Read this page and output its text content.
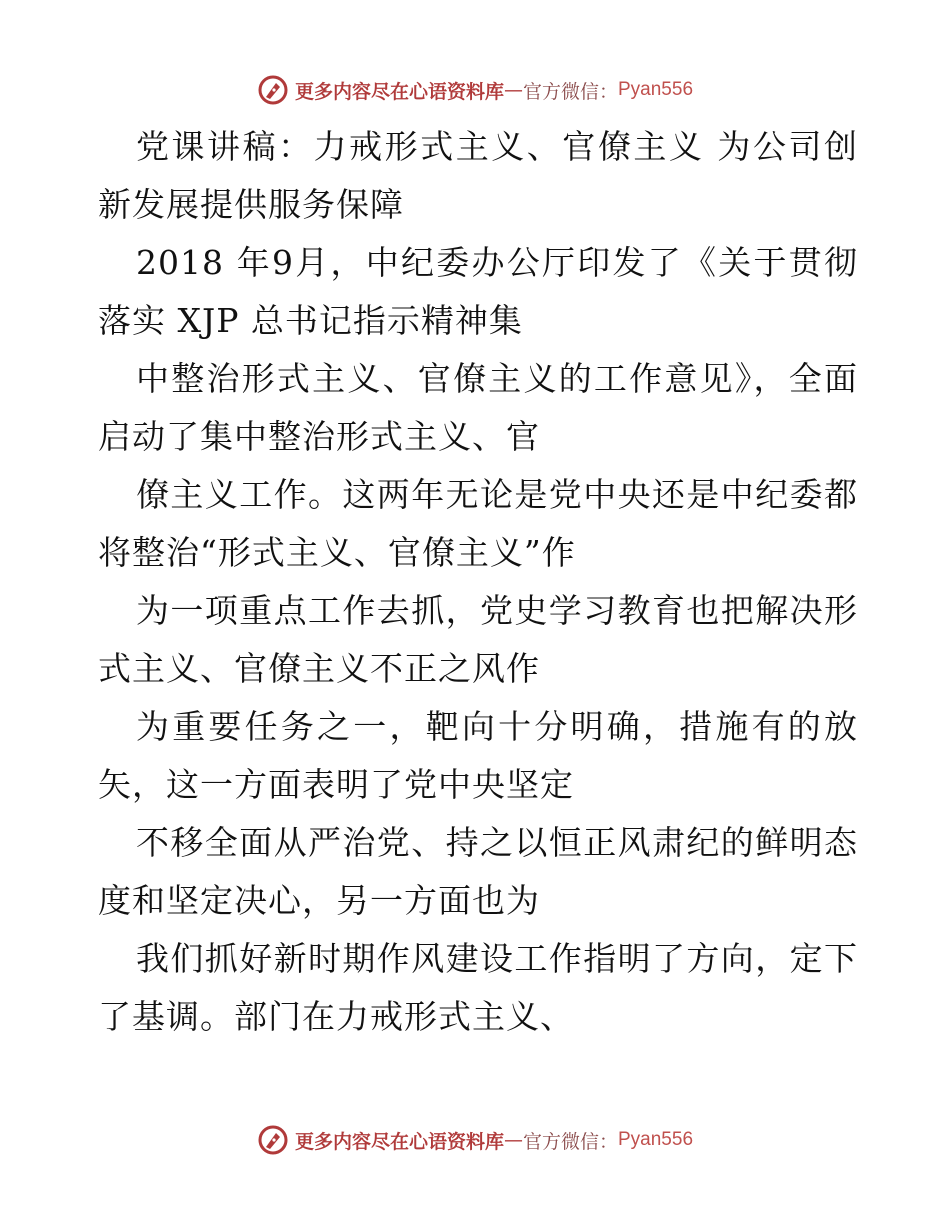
更多内容尽在心语资料库 — 官方微信： Pyan556

党课讲稿：力戒形式主义、官僚主义 为公司创新发展提供服务保障

2018 年9月，中纪委办公厅印发了《关于贯彻落实 XJP 总书记指示精神集

中整治形式主义、官僚主义的工作意见》，全面启动了集中整治形式主义、官

僚主义工作。这两年无论是党中央还是中纪委都将整治“形式主义、官僚主义”作

为一项重点工作去抓，党史学习教育也把解决形式主义、官僚主义不正之风作

为重要任务之一，靶向十分明确，措施有的放矢，这一方面表明了党中央坚定

不移全面从严治党、持之以恒正风肃纪的鲜明态度和坚定决心，另一方面也为

我们抓好新时期作风建设工作指明了方向，定下了基调。部门在力戒形式主义、

更多内容尽在心语资料库 — 官方微信： Pyan556
